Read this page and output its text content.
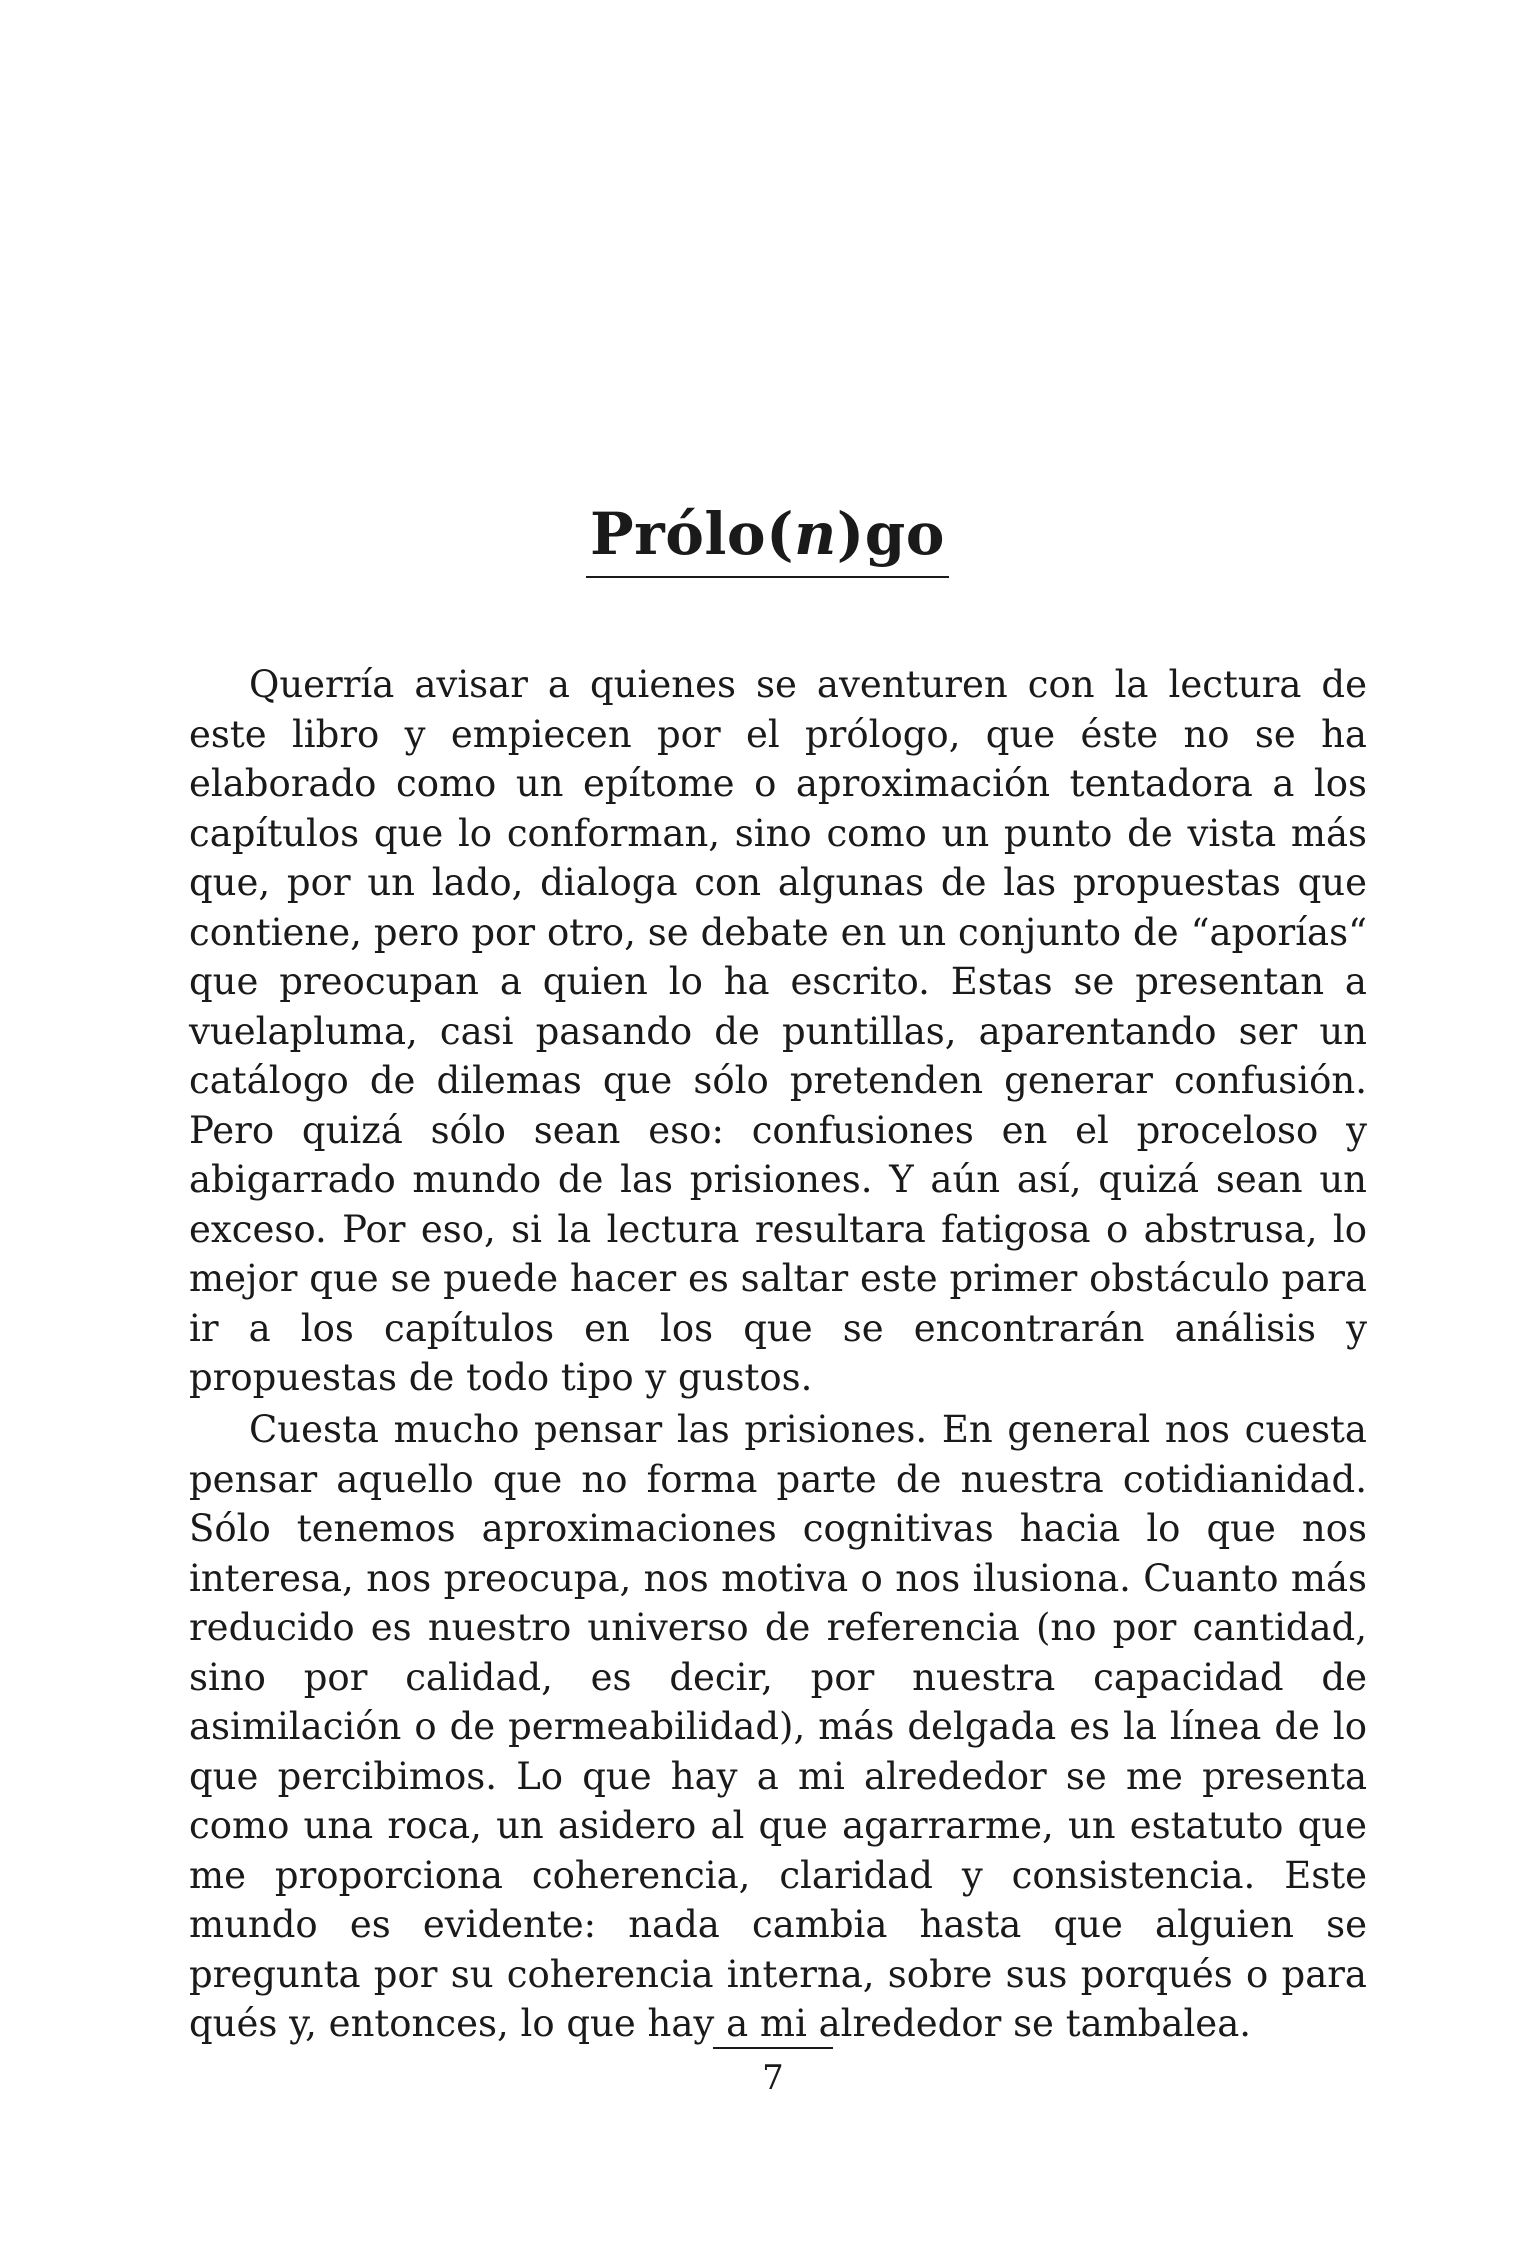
Prólo(n)go

Querría avisar a quienes se aventuren con la lectura de este libro y empiecen por el prólogo, que éste no se ha elaborado como un epítome o aproximación tentadora a los capítulos que lo conforman, sino como un punto de vista más que, por un lado, dialoga con algunas de las propuestas que contiene, pero por otro, se debate en un conjunto de “aporías“ que preocupan a quien lo ha escrito. Estas se presentan a vuelapluma, casi pasando de puntillas, aparentando ser un catálogo de dilemas que sólo pretenden generar confusión. Pero quizá sólo sean eso: confusiones en el proceloso y abigarrado mundo de las prisiones. Y aún así, quizá sean un exceso. Por eso, si la lectura resultara fatigosa o abstrusa, lo mejor que se puede hacer es saltar este primer obstáculo para ir a los capítulos en los que se encontrarán análisis y propuestas de todo tipo y gustos.

Cuesta mucho pensar las prisiones. En general nos cuesta pensar aquello que no forma parte de nuestra cotidianidad. Sólo tenemos aproximaciones cognitivas hacia lo que nos interesa, nos preocupa, nos motiva o nos ilusiona. Cuanto más reducido es nuestro universo de referencia (no por cantidad, sino por calidad, es decir, por nuestra capacidad de asimilación o de permeabilidad), más delgada es la línea de lo que percibimos. Lo que hay a mi alrededor se me presenta como una roca, un asidero al que agarrarme, un estatuto que me proporciona coherencia, claridad y consistencia. Este mundo es evidente: nada cambia hasta que alguien se pregunta por su coherencia interna, sobre sus porqués o para qués y, entonces, lo que hay a mi alrededor se tambalea.

7
